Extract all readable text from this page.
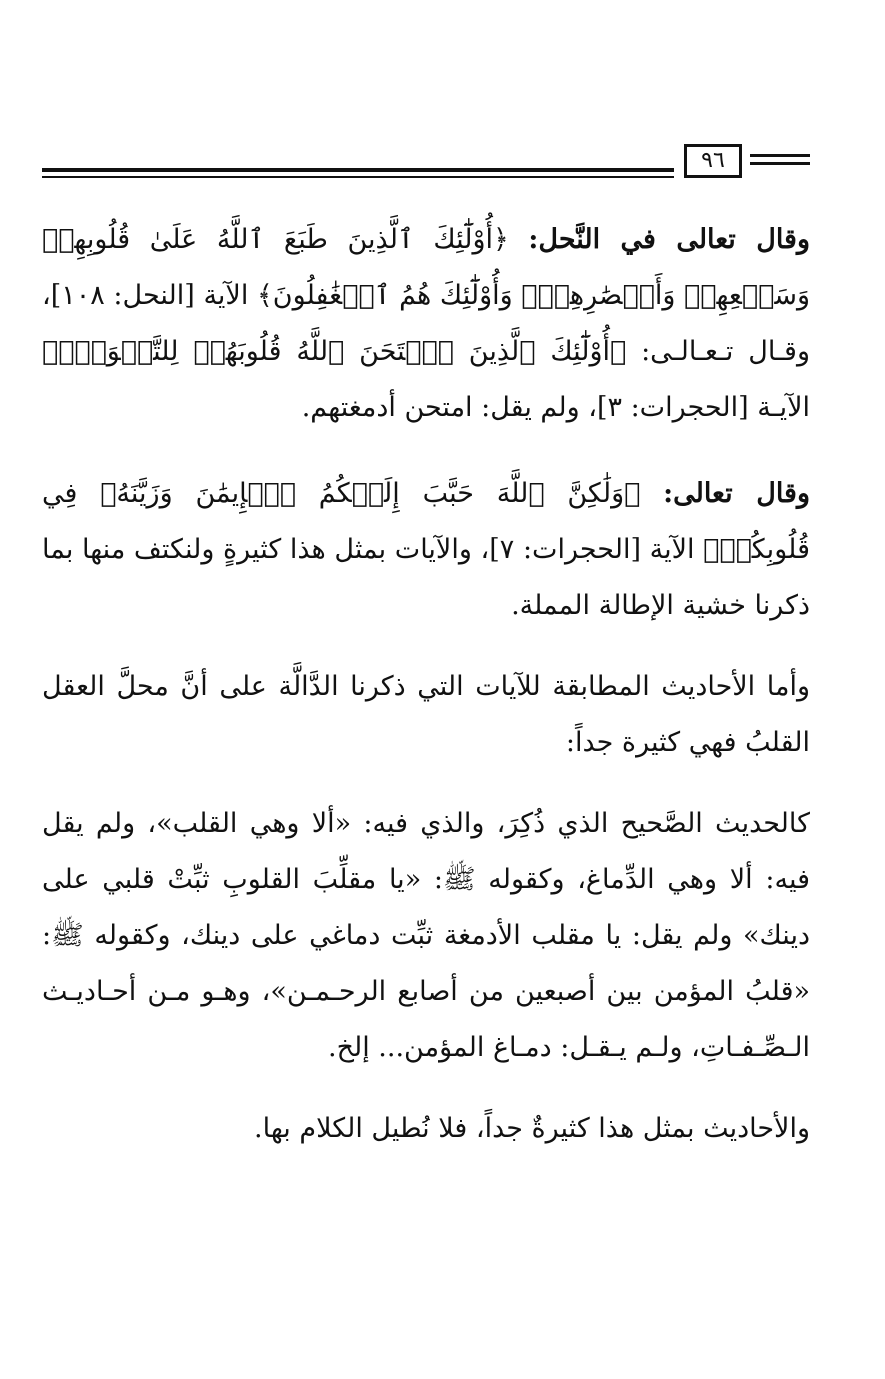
٩٦

وقال تعالى في النَّحل: ﴿أُوْلَٰٓئِكَ ٱلَّذِينَ طَبَعَ ٱللَّهُ عَلَىٰ قُلُوبِهِمۡ وَسَمۡعِهِمۡ وَأَبۡصَٰرِهِمۡۖ وَأُوْلَٰٓئِكَ هُمُ ٱلۡغَٰفِلُونَ﴾ الآية [النحل: ١٠٨]، وقـال تـعـالـى: ﴿أُوْلَٰٓئِكَ ٱلَّذِينَ ٱمۡتَحَنَ ٱللَّهُ قُلُوبَهُمۡ لِلتَّقۡوَىٰۚ﴾ الآيـة [الحجرات: ٣]، ولم يقل: امتحن أدمغتهم.

وقال تعالى: ﴿وَلَٰكِنَّ ٱللَّهَ حَبَّبَ إِلَيۡكُمُ ٱلۡإِيمَٰنَ وَزَيَّنَهُۥ فِي قُلُوبِكُمۡ﴾ الآية [الحجرات: ٧]، والآيات بمثل هذا كثيرةٍ ولنكتف منها بما ذكرنا خشية الإطالة المملة.

وأما الأحاديث المطابقة للآيات التي ذكرنا الدَّالَّة على أنَّ محلَّ العقل القلبُ فهي كثيرة جداً:

كالحديث الصَّحيح الذي ذُكِرَ، والذي فيه: «ألا وهي القلب»، ولم يقل فيه: ألا وهي الدِّماغ، وكقوله ﷺ: «يا مقلِّبَ القلوبِ ثبِّتْ قلبي على دينك» ولم يقل: يا مقلب الأدمغة ثبِّت دماغي على دينك، وكقوله ﷺ: «قلبُ المؤمن بين أصبعين من أصابع الرحـمـن»، وهـو مـن أحـاديـث الـصِّـفـاتِ، ولـم يـقـل: دمـاغ المؤمن... إلخ.

والأحاديث بمثل هذا كثيرةٌ جداً، فلا نُطيل الكلام بها.
